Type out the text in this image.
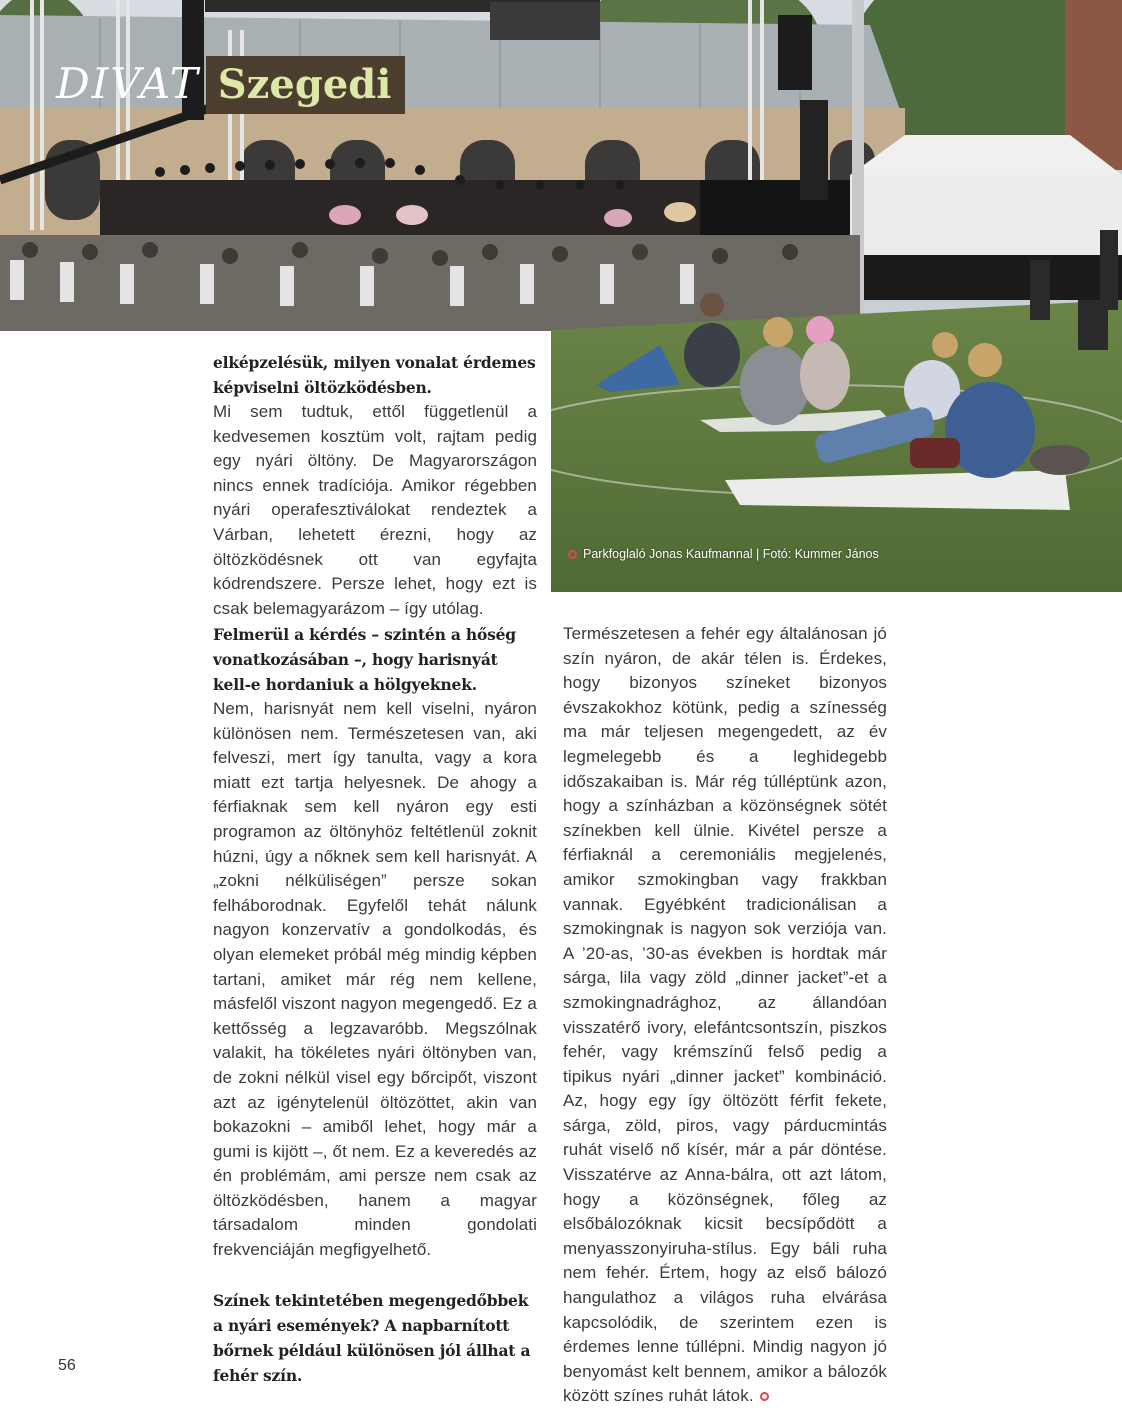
DIVAT Szegedi
Parkfoglaló Jonas Kaufmannal | Fotó: Kummer János

elképzelésük, milyen vonalat érdemes képviselni öltözködésben.

Mi sem tudtuk, ettől függetlenül a kedvesemen kosztüm volt, rajtam pedig egy nyári öltöny. De Magyarországon nincs ennek tradíciója. Amikor régebben nyári operafesztiválokat rendeztek a Várban, lehetett érezni, hogy az öltözködésnek ott van egyfajta kódrendszere. Persze lehet, hogy ezt is csak belemagyarázom – így utólag.

Felmerül a kérdés – szintén a hőség vonatkozásában –, hogy harisnyát kell-e hordaniuk a hölgyeknek.

Nem, harisnyát nem kell viselni, nyáron különösen nem. Természetesen van, aki felveszi, mert így tanulta, vagy a kora miatt ezt tartja helyesnek. De ahogy a férfiaknak sem kell nyáron egy esti programon az öltönyhöz feltétlenül zoknit húzni, úgy a nőknek sem kell harisnyát. A „zokni nélküliségen” persze sokan felháborodnak. Egyfelől tehát nálunk nagyon konzervatív a gondolkodás, és olyan elemeket próbál még mindig képben tartani, amiket már rég nem kellene, másfelől viszont nagyon megengedő. Ez a kettősség a legzavaróbb. Megszólnak valakit, ha tökéletes nyári öltönyben van, de zokni nélkül visel egy bőrcipőt, viszont azt az igénytelenül öltözöttet, akin van bokazokni – amiből lehet, hogy már a gumi is kijött –, őt nem. Ez a keveredés az én problémám, ami persze nem csak az öltözködésben, hanem a magyar társadalom minden gondolati frekvenciáján megfigyelhető.

Színek tekintetében megengedőbbek a nyári események? A napbarnított bőrnek például különösen jól állhat a fehér szín.

Természetesen a fehér egy általánosan jó szín nyáron, de akár télen is. Érdekes, hogy bizonyos színeket bizonyos évszakokhoz kötünk, pedig a színesség ma már teljesen megengedett, az év legmelegebb és a leghidegebb időszakaiban is. Már rég túlléptünk azon, hogy a színházban a közönségnek sötét színekben kell ülnie. Kivétel persze a férfiaknál a ceremoniális megjelenés, amikor szmokingban vagy frakkban vannak. Egyébként tradicionálisan a szmokingnak is nagyon sok verziója van. A ’20-as, ’30-as években is hordtak már sárga, lila vagy zöld „dinner jacket”-et a szmokingnadrághoz, az állandóan visszatérő ivory, elefántcsontszín, piszkos fehér, vagy krémszínű felső pedig a tipikus nyári „dinner jacket” kombináció. Az, hogy egy így öltözött férfit fekete, sárga, zöld, piros, vagy párducmintás ruhát viselő nő kísér, már a pár döntése. Visszatérve az Anna-bálra, ott azt látom, hogy a közönségnek, főleg az elsőbálozóknak kicsit becsípődött a menyasszonyiruha-stílus. Egy báli ruha nem fehér. Értem, hogy az első bálozó hangulathoz a világos ruha elvárása kapcsolódik, de szerintem ezen is érdemes lenne túllépni. Mindig nagyon jó benyomást kelt bennem, amikor a bálozók között színes ruhát látok.

56
